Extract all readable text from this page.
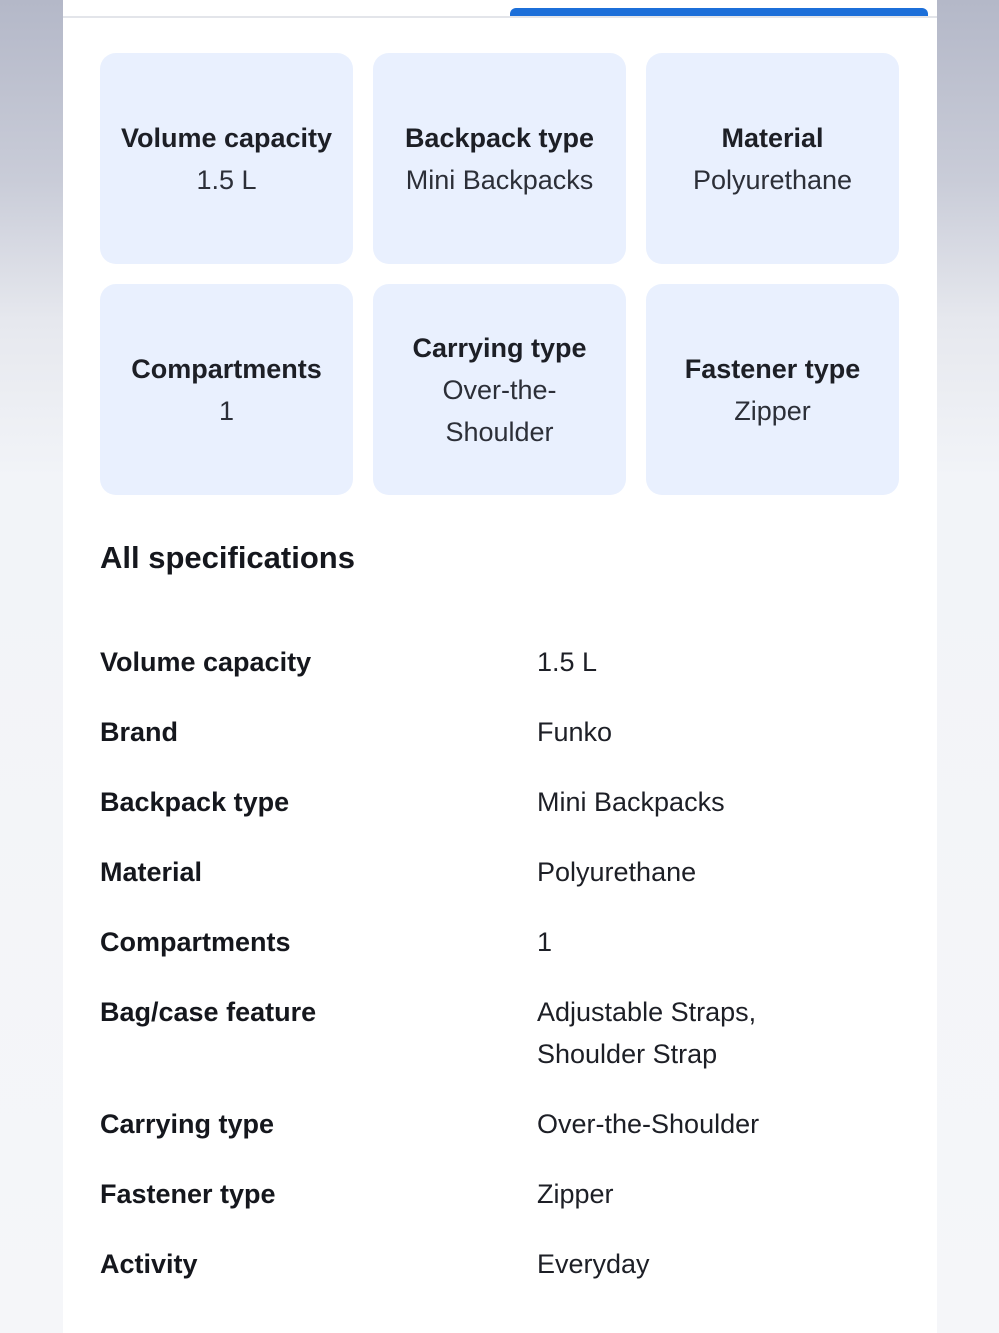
Volume capacity
1.5 L
Backpack type
Mini Backpacks
Material
Polyurethane
Compartments
1
Carrying type
Over-the-Shoulder
Fastener type
Zipper
All specifications
Volume capacity	1.5 L
Brand	Funko
Backpack type	Mini Backpacks
Material	Polyurethane
Compartments	1
Bag/case feature	Adjustable Straps, Shoulder Strap
Carrying type	Over-the-Shoulder
Fastener type	Zipper
Activity	Everyday
